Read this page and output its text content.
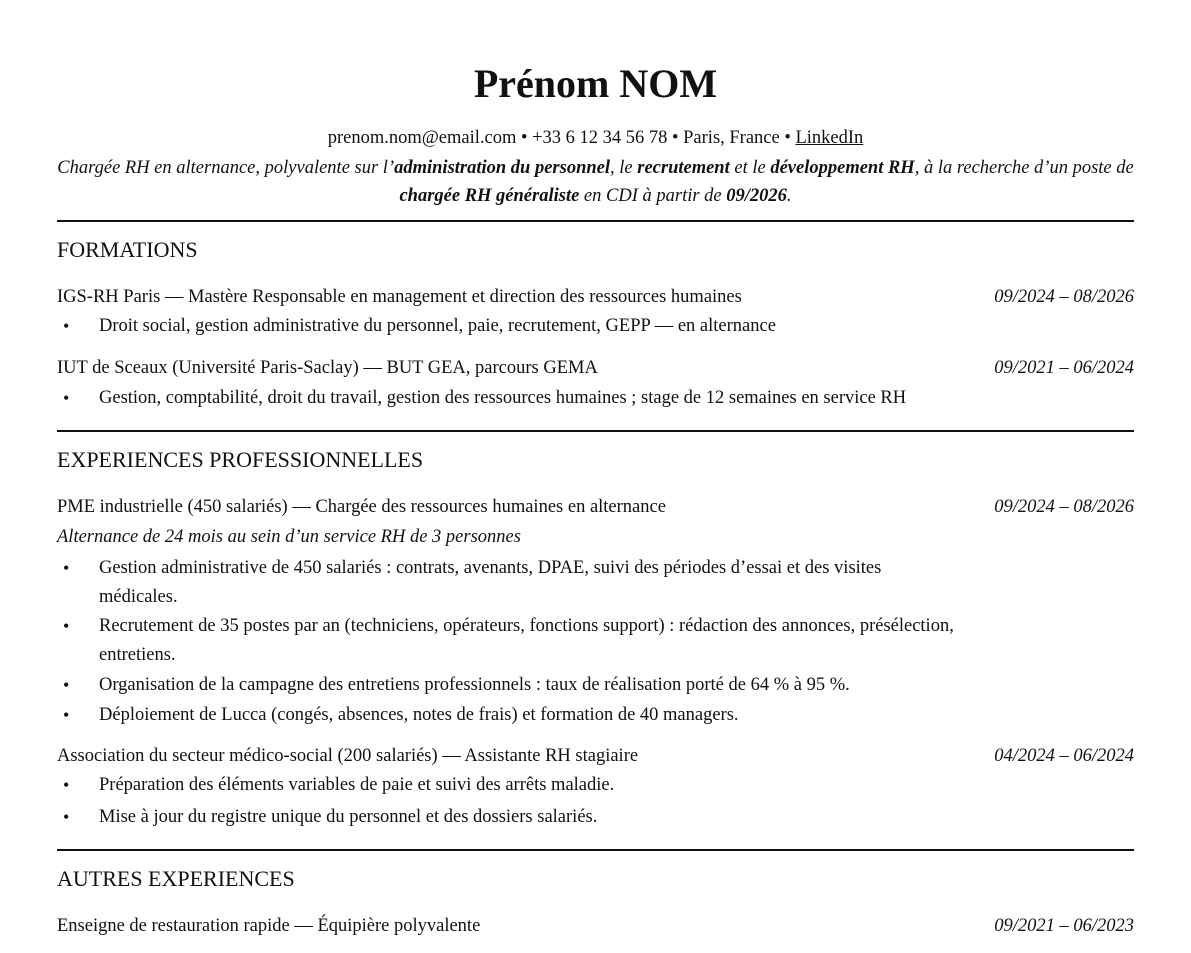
Prénom NOM
prenom.nom@email.com • +33 6 12 34 56 78 • Paris, France • LinkedIn
Chargée RH en alternance, polyvalente sur l’administration du personnel, le recrutement et le développement RH, à la recherche d’un poste de chargée RH généraliste en CDI à partir de 09/2026.
FORMATIONS
IGS-RH Paris — Mastère Responsable en management et direction des ressources humaines	09/2024 – 08/2026
• Droit social, gestion administrative du personnel, paie, recrutement, GEPP — en alternance
IUT de Sceaux (Université Paris-Saclay) — BUT GEA, parcours GEMA	09/2021 – 06/2024
• Gestion, comptabilité, droit du travail, gestion des ressources humaines ; stage de 12 semaines en service RH
EXPERIENCES PROFESSIONNELLES
PME industrielle (450 salariés) — Chargée des ressources humaines en alternance	09/2024 – 08/2026
Alternance de 24 mois au sein d’un service RH de 3 personnes
• Gestion administrative de 450 salariés : contrats, avenants, DPAE, suivi des périodes d’essai et des visites médicales.
• Recrutement de 35 postes par an (techniciens, opérateurs, fonctions support) : rédaction des annonces, présélection, entretiens.
• Organisation de la campagne des entretiens professionnels : taux de réalisation porté de 64 % à 95 %.
• Déploiement de Lucca (congés, absences, notes de frais) et formation de 40 managers.
Association du secteur médico-social (200 salariés) — Assistante RH stagiaire	04/2024 – 06/2024
• Préparation des éléments variables de paie et suivi des arrêts maladie.
• Mise à jour du registre unique du personnel et des dossiers salariés.
AUTRES EXPERIENCES
Enseigne de restauration rapide — Équipière polyvalente	09/2021 – 06/2023
